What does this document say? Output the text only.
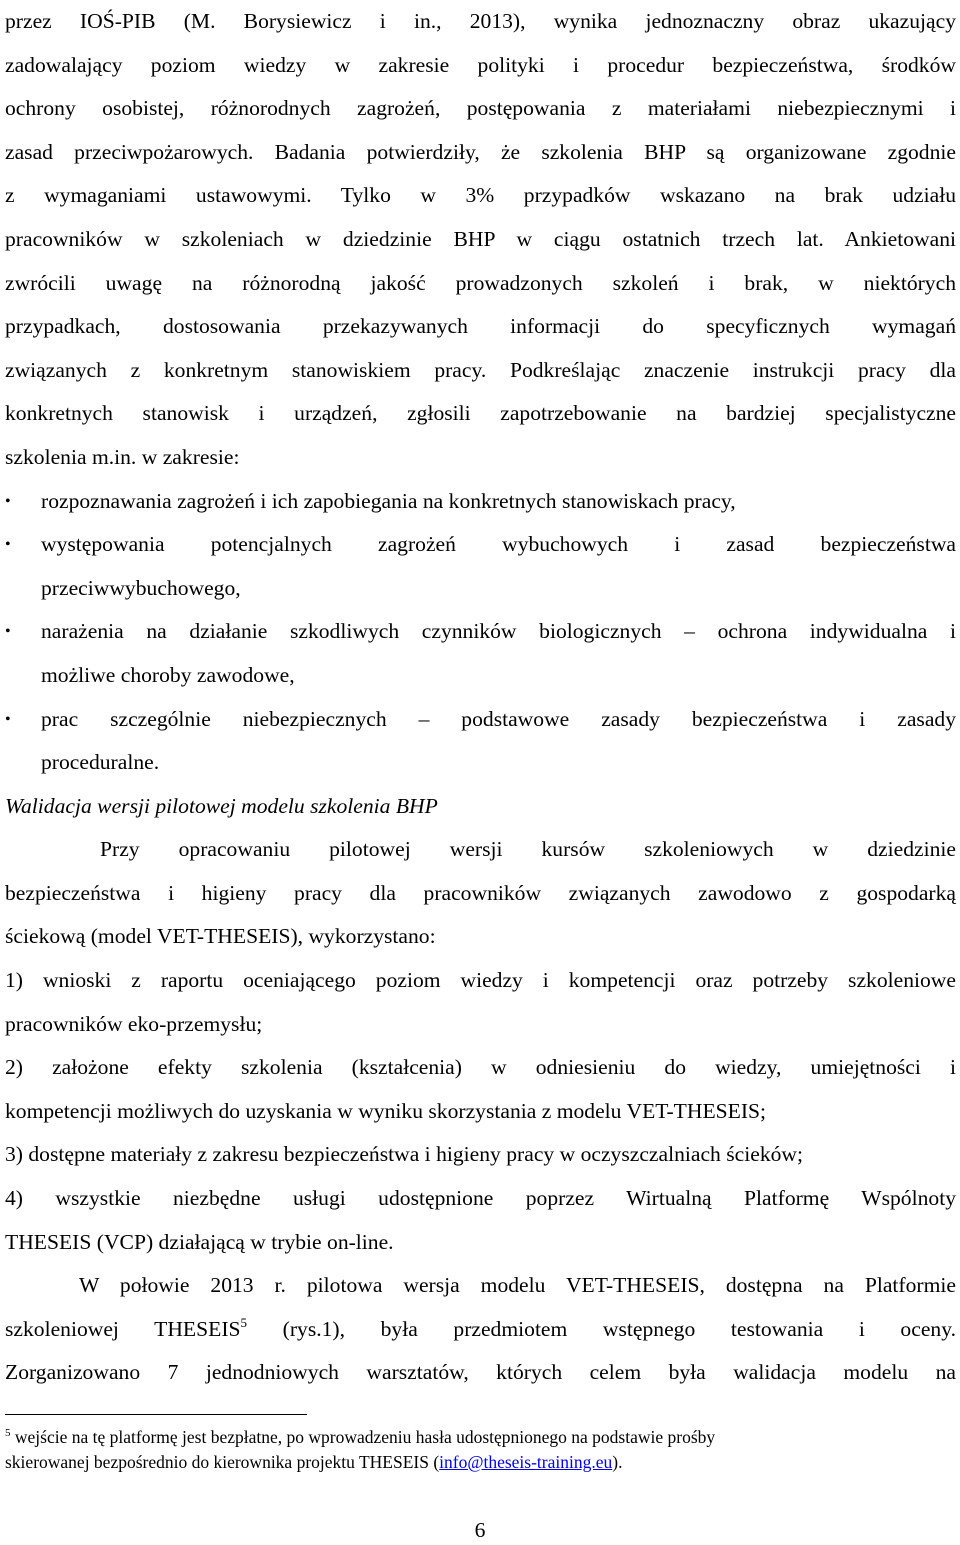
przez IOŚ-PIB (M. Borysiewicz i in., 2013), wynika jednoznaczny obraz ukazujący
zadowalający poziom wiedzy w zakresie polityki i procedur bezpieczeństwa, środków
ochrony osobistej, różnorodnych zagrożeń, postępowania z materiałami niebezpiecznymi i
zasad przeciwpożarowych. Badania potwierdziły, że szkolenia BHP są organizowane zgodnie
z wymaganiami ustawowymi. Tylko w 3% przypadków wskazano na brak udziału
pracowników w szkoleniach w dziedzinie BHP w ciągu ostatnich trzech lat. Ankietowani
zwrócili uwagę na różnorodną jakość prowadzonych szkoleń i brak, w niektórych
przypadkach, dostosowania przekazywanych informacji do specyficznych wymagań
związanych z konkretnym stanowiskiem pracy. Podkreślając znaczenie instrukcji pracy dla
konkretnych stanowisk i urządzeń, zgłosili zapotrzebowanie na bardziej specjalistyczne
szkolenia m.in. w zakresie:
•	rozpoznawania zagrożeń i ich zapobiegania na konkretnych stanowiskach pracy,
•	występowania potencjalnych zagrożeń wybuchowych i zasad bezpieczeństwa
przeciwwybuchowego,
•	narażenia na działanie szkodliwych czynników biologicznych – ochrona indywidualna i
możliwe choroby zawodowe,
•	prac szczególnie niebezpiecznych – podstawowe zasady bezpieczeństwa i zasady
proceduralne.
Walidacja wersji pilotowej modelu szkolenia BHP
Przy opracowaniu pilotowej wersji kursów szkoleniowych w dziedzinie
bezpieczeństwa i higieny pracy dla pracowników związanych zawodowo z gospodarką
ściekową (model VET-THESEIS), wykorzystano:
1) wnioski z raportu oceniającego poziom wiedzy i kompetencji oraz potrzeby szkoleniowe
pracowników eko-przemysłu;
2) założone efekty szkolenia (kształcenia) w odniesieniu do wiedzy, umiejętności i
kompetencji możliwych do uzyskania w wyniku skorzystania z modelu VET-THESEIS;
3) dostępne materiały z zakresu bezpieczeństwa i higieny pracy w oczyszczalniach ścieków;
4) wszystkie niezbędne usługi udostępnione poprzez Wirtualną Platformę Wspólnoty
THESEIS (VCP) działającą w trybie on-line.
W połowie 2013 r. pilotowa wersja modelu VET-THESEIS, dostępna na Platformie
szkoleniowej THESEIS$^5$ (rys.1), była przedmiotem wstępnego testowania i oceny.
Zorganizowano 7 jednodniowych warsztatów, których celem była walidacja modelu na
$^5$ wejście na tę platformę jest bezpłatne, po wprowadzeniu hasła udostępnionego na podstawie prośby
skierowanej bezpośrednio do kierownika projektu THESEIS (info@theseis-training.eu).
6
